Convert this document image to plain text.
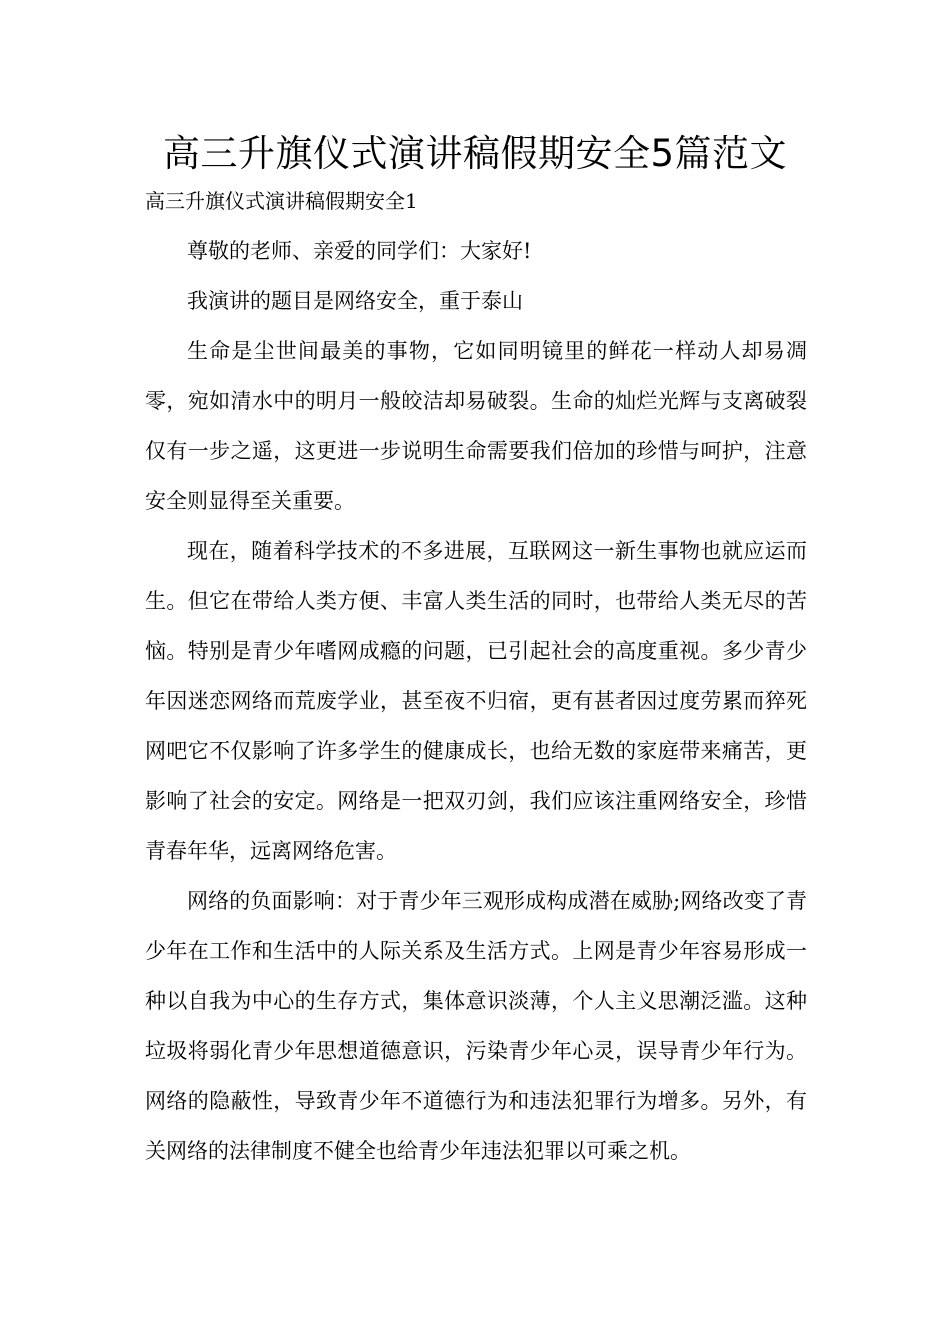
高三升旗仪式演讲稿假期安全5篇范文

高三升旗仪式演讲稿假期安全1

尊敬的老师、亲爱的同学们：大家好!

我演讲的题目是网络安全，重于泰山

生命是尘世间最美的事物，它如同明镜里的鲜花一样动人却易凋零，宛如清水中的明月一般皎洁却易破裂。生命的灿烂光辉与支离破裂仅有一步之遥，这更进一步说明生命需要我们倍加的珍惜与呵护，注意安全则显得至关重要。

现在，随着科学技术的不多进展，互联网这一新生事物也就应运而生。但它在带给人类方便、丰富人类生活的同时，也带给人类无尽的苦恼。特别是青少年嗜网成瘾的问题，已引起社会的高度重视。多少青少年因迷恋网络而荒废学业，甚至夜不归宿，更有甚者因过度劳累而猝死网吧它不仅影响了许多学生的健康成长，也给无数的家庭带来痛苦，更影响了社会的安定。网络是一把双刃剑，我们应该注重网络安全，珍惜青春年华，远离网络危害。

网络的负面影响：对于青少年三观形成构成潜在威胁;网络改变了青少年在工作和生活中的人际关系及生活方式。上网是青少年容易形成一种以自我为中心的生存方式，集体意识淡薄，个人主义思潮泛滥。这种垃圾将弱化青少年思想道德意识，污染青少年心灵，误导青少年行为。网络的隐蔽性，导致青少年不道德行为和违法犯罪行为增多。另外，有关网络的法律制度不健全也给青少年违法犯罪以可乘之机。
